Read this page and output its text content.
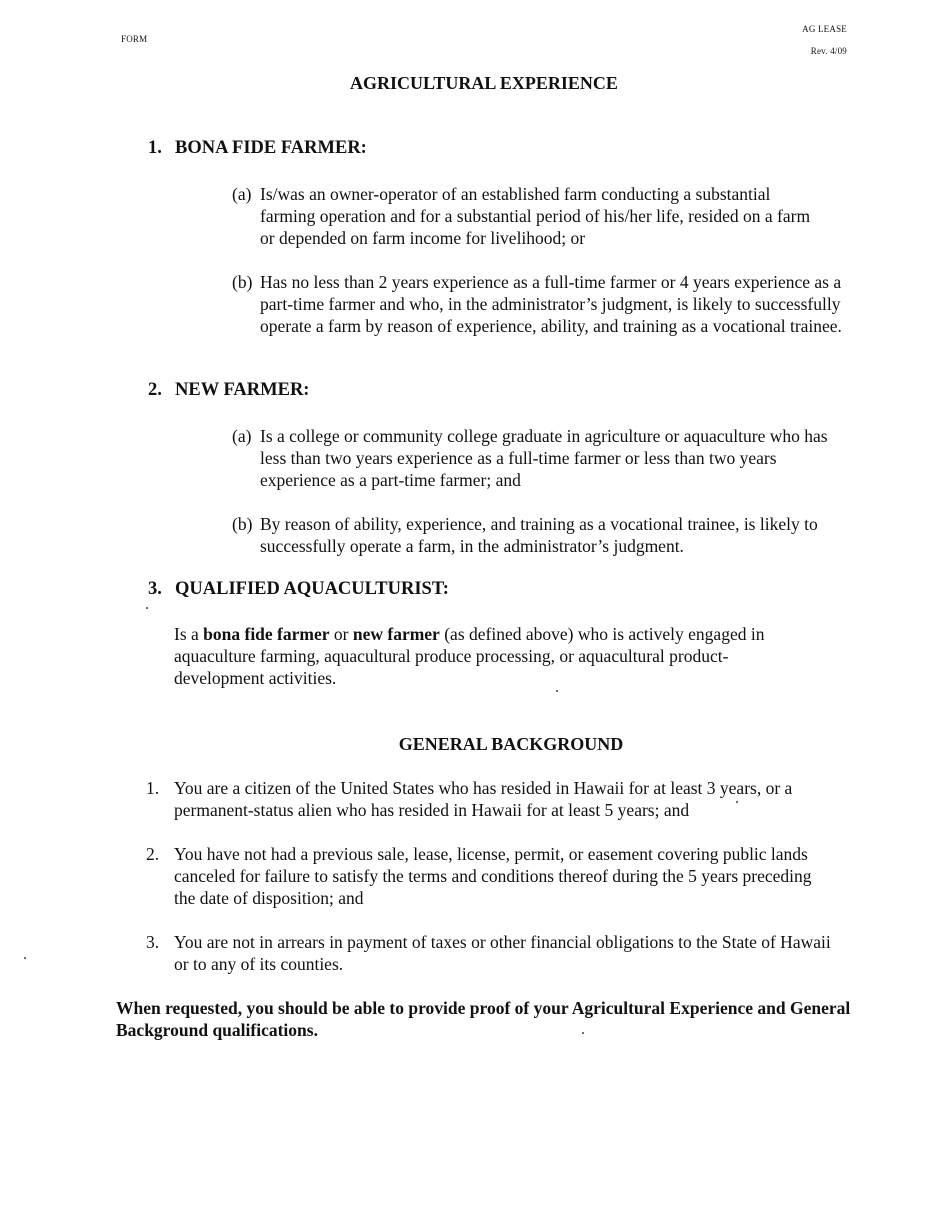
FORM
AG LEASE
Rev. 4/09
AGRICULTURAL EXPERIENCE
1. BONA FIDE FARMER:
(a) Is/was an owner-operator of an established farm conducting a substantial farming operation and for a substantial period of his/her life, resided on a farm or depended on farm income for livelihood; or
(b) Has no less than 2 years experience as a full-time farmer or 4 years experience as a part-time farmer and who, in the administrator’s judgment, is likely to successfully operate a farm by reason of experience, ability, and training as a vocational trainee.
2. NEW FARMER:
(a) Is a college or community college graduate in agriculture or aquaculture who has less than two years experience as a full-time farmer or less than two years experience as a part-time farmer; and
(b) By reason of ability, experience, and training as a vocational trainee, is likely to successfully operate a farm, in the administrator’s judgment.
3. QUALIFIED AQUACULTURIST:
Is a bona fide farmer or new farmer (as defined above) who is actively engaged in aquaculture farming, aquacultural produce processing, or aquacultural product-development activities.
GENERAL BACKGROUND
1. You are a citizen of the United States who has resided in Hawaii for at least 3 years, or a permanent-status alien who has resided in Hawaii for at least 5 years; and
2. You have not had a previous sale, lease, license, permit, or easement covering public lands canceled for failure to satisfy the terms and conditions thereof during the 5 years preceding the date of disposition; and
3. You are not in arrears in payment of taxes or other financial obligations to the State of Hawaii or to any of its counties.
When requested, you should be able to provide proof of your Agricultural Experience and General Background qualifications.
